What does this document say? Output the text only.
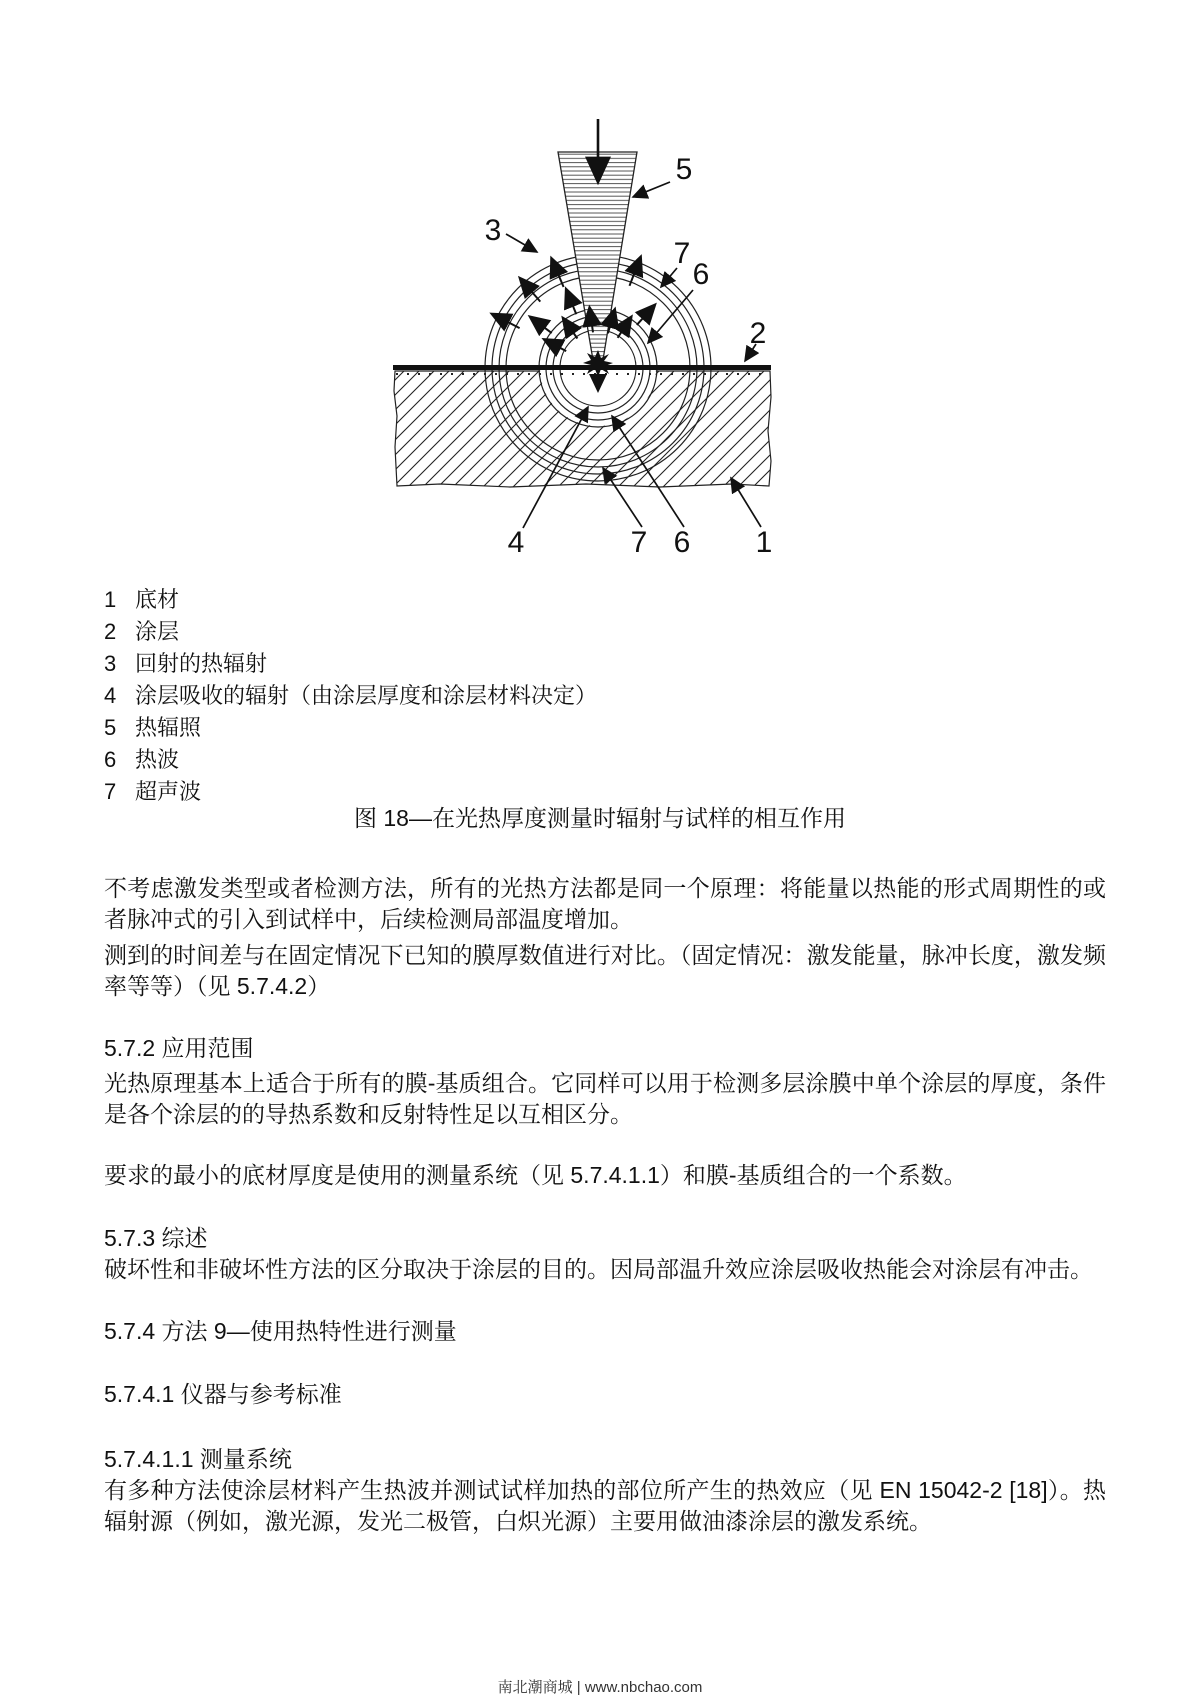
5
3
7
6
2
4	7 6 1
1 底材
2 涂层
3 回射的热辐射
4 涂层吸收的辐射（由涂层厚度和涂层材料决定）
5 热辐照
6 热波
7 超声波
图 18—在光热厚度测量时辐射与试样的相互作用

不考虑激发类型或者检测方法，所有的光热方法都是同一个原理：将能量以热能的形式周期性的或者脉冲式的引入到试样中，后续检测局部温度增加。

测到的时间差与在固定情况下已知的膜厚数值进行对比。（固定情况：激发能量，脉冲长度，激发频率等等）（见 5.7.4.2）

5.7.2 应用范围

光热原理基本上适合于所有的膜-基质组合。它同样可以用于检测多层涂膜中单个涂层的厚度，条件是各个涂层的的导热系数和反射特性足以互相区分。

要求的最小的底材厚度是使用的测量系统（见 5.7.4.1.1）和膜-基质组合的一个系数。

5.7.3 综述

破坏性和非破坏性方法的区分取决于涂层的目的。因局部温升效应涂层吸收热能会对涂层有冲击。

5.7.4 方法 9—使用热特性进行测量
5.7.4.1 仪器与参考标准
5.7.4.1.1 测量系统

有多种方法使涂层材料产生热波并测试试样加热的部位所产生的热效应（见 EN 15042-2 [18]）。热辐射源（例如，激光源，发光二极管，白炽光源）主要用做油漆涂层的激发系统。

南北潮商城 | www.nbchao.com
